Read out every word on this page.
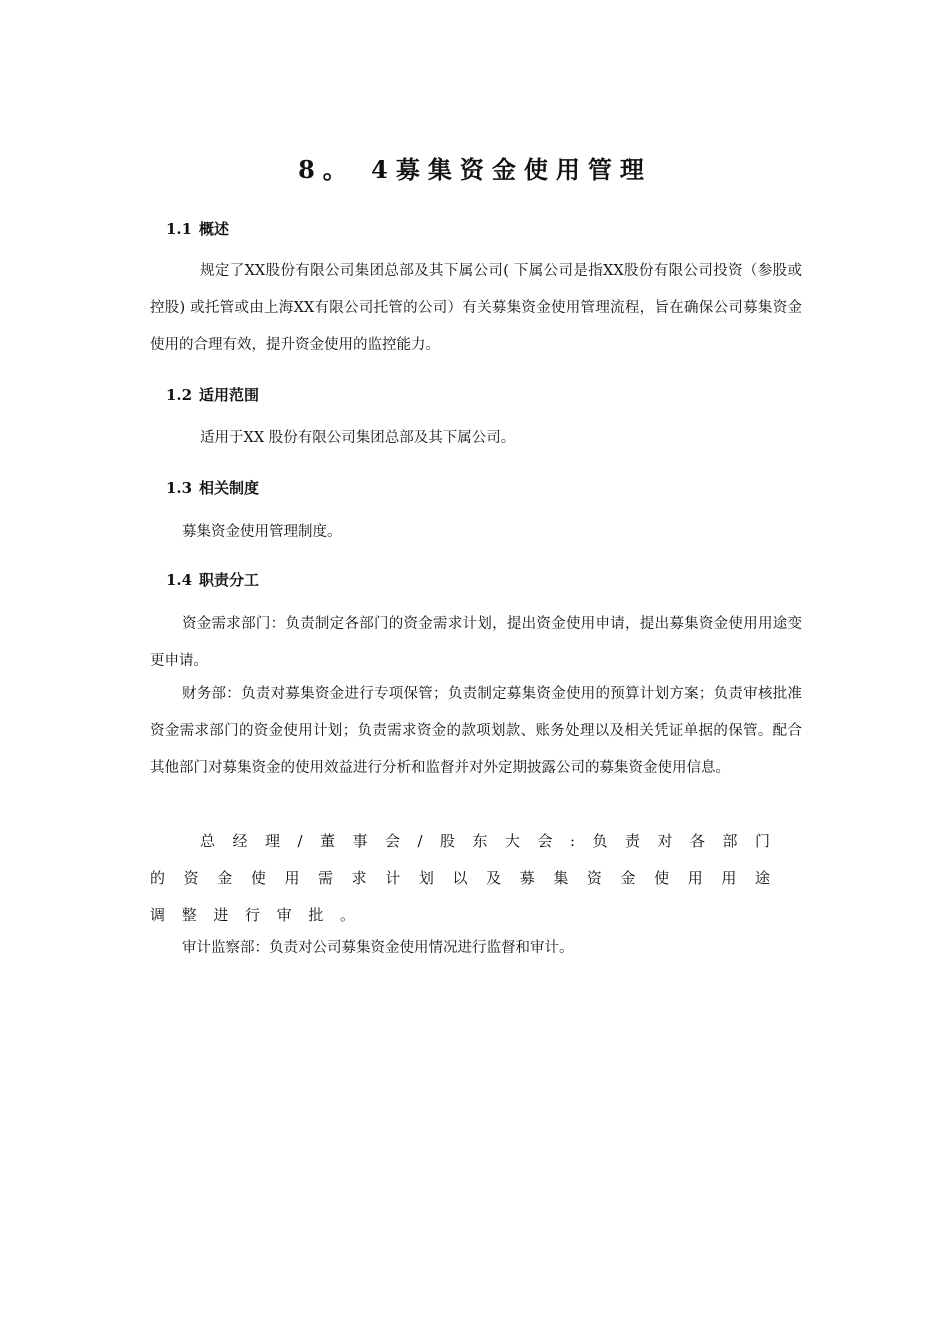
8。 4募集资金使用管理
1.1 概述

规定了XX股份有限公司集团总部及其下属公司( 下属公司是指XX股份有限公司投资（参股或控股) 或托管或由上海XX有限公司托管的公司）有关募集资金使用管理流程，旨在确保公司募集资金使用的合理有效，提升资金使用的监控能力。

1.2 适用范围

适用于XX 股份有限公司集团总部及其下属公司。

1.3 相关制度

募集资金使用管理制度。

1.4 职责分工

资金需求部门：负责制定各部门的资金需求计划，提出资金使用申请，提出募集资金使用用途变更申请。

财务部：负责对募集资金进行专项保管；负责制定募集资金使用的预算计划方案；负责审核批准资金需求部门的资金使用计划；负责需求资金的款项划款、账务处理以及相关凭证单据的保管。配合其他部门对募集资金的使用效益进行分析和监督并对外定期披露公司的募集资金使用信息。

总经理/董事会/股东大会:负责对各部门

的资金使用需求计划以及募集资金使用用途

调整进行审批。

审计监察部：负责对公司募集资金使用情况进行监督和审计。
